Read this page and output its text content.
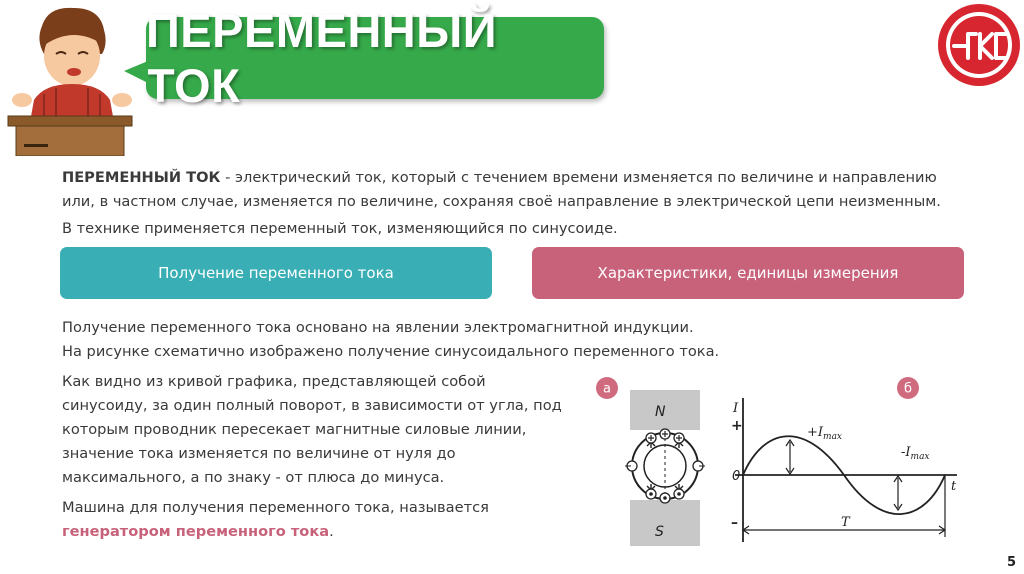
ПЕРЕМЕННЫЙ ТОК

ПЕРЕМЕННЫЙ ТОК - электрический ток, который с течением времени изменяется по величине и направлению или, в частном случае, изменяется по величине, сохраняя своё направление в электрической цепи неизменным.

В технике применяется переменный ток, изменяющийся по синусоиде.

Получение переменного тока	Характеристики, единицы измерения

Получение переменного тока основано на явлении электромагнитной индукции.

На рисунке схематично изображено получение синусоидального переменного тока.

Как видно из кривой графика, представляющей собой синусоиду, за один полный поворот, в зависимости от угла, под которым проводник пересекает магнитные силовые линии, значение тока изменяется по величине от нуля до максимального, а по знаку - от плюса до минуса.

Машина для получения переменного тока, называется генератором переменного тока.

а
N
S
б
I
+
0
–
t
$+I_{max}$
$-I_{max}$
T
5
